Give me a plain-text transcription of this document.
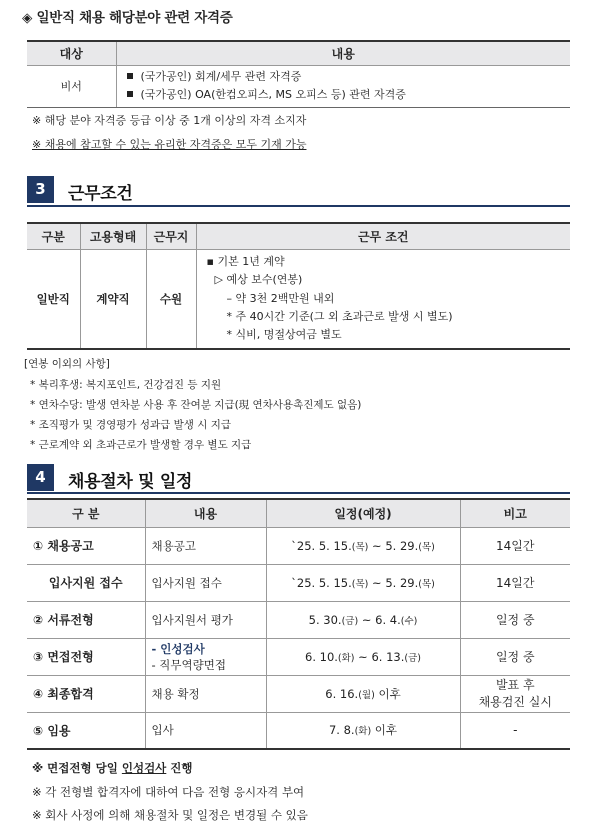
◈ 일반직 채용 해당분야 관련 자격증
대상	내용
비서	(국가공인) 회계/세무 관련 자격증
(국가공인) OA(한컴오피스, MS 오피스 등) 관련 자격증
※ 해당 분야 자격증 등급 이상 중 1개 이상의 자격 소지자
※ 채용에 참고할 수 있는 유리한 자격증은 모두 기재 가능
3	근무조건
구분	고용형태	근무지	근무 조건
일반직	계약직	수원	▪ 기본 1년 계약
▷ 예상 보수(연봉)
– 약 3천 2백만원 내외
* 주 40시간 기준(그 외 초과근로 발생 시 별도)
* 식비, 명절상여금 별도
[연봉 이외의 사항]
* 복리후생: 복지포인트, 건강검진 등 지원
* 연차수당: 발생 연차분 사용 후 잔여분 지급(現 연차사용촉진제도 없음)
* 조직평가 및 경영평가 성과급 발생 시 지급
* 근로계약 외 초과근로가 발생할 경우 별도 지급
4	채용절차 및 일정
구 분	내용	일정(예정)	비고
① 채용공고	채용공고	`25. 5. 15.(목) ~ 5. 29.(목)	14일간
입사지원 접수	입사지원 접수	`25. 5. 15.(목) ~ 5. 29.(목)	14일간
② 서류전형	입사지원서 평가	5. 30.(금) ~ 6. 4.(수)	일정 중
③ 면접전형	- 인성검사
- 직무역량면접	6. 10.(화) ~ 6. 13.(금)	일정 중
④ 최종합격	채용 확정	6. 16.(월) 이후	발표 후
채용검진 실시

⑤ 임용	입사	7. 8.(화) 이후	-
※ 면접전형 당일 인성검사 진행
※ 각 전형별 합격자에 대하여 다음 전형 응시자격 부여
※ 회사 사정에 의해 채용절차 및 일정은 변경될 수 있음
